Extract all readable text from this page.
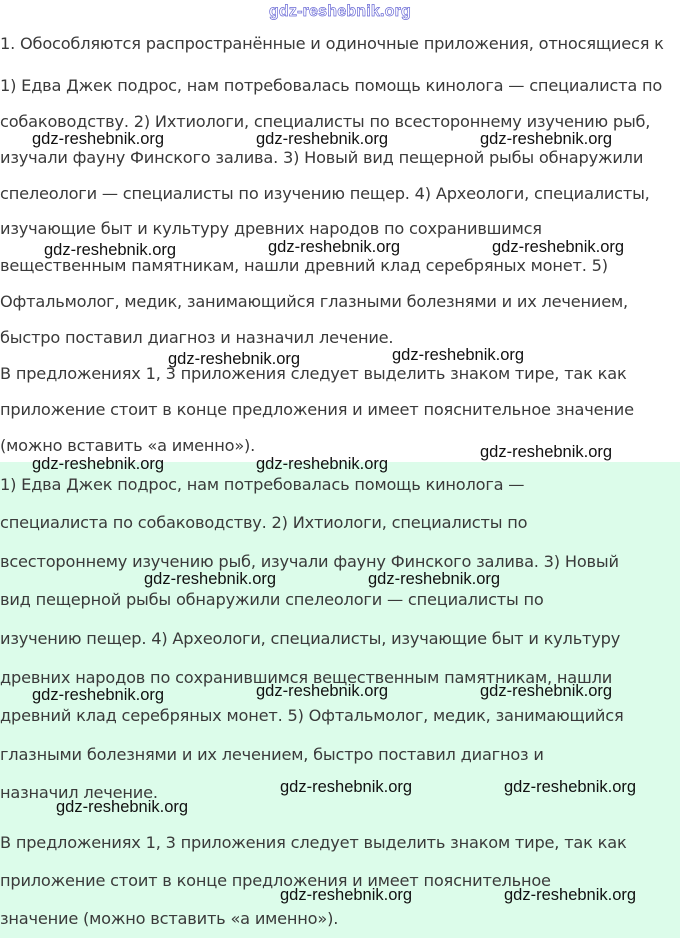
gdz-reshebnik.org
1. Обособляются распространённые и одиночные приложения, относящиеся к
1) Едва Джек подрос, нам потребовалась помощь кинолога — специалиста по
собаководству. 2) Ихтиологи, специалисты по всестороннему изучению рыб,
изучали фауну Финского залива. 3) Новый вид пещерной рыбы обнаружили
спелеологи — специалисты по изучению пещер. 4) Археологи, специалисты,
изучающие быт и культуру древних народов по сохранившимся
вещественным памятникам, нашли древний клад серебряных монет. 5)
Офтальмолог, медик, занимающийся глазными болезнями и их лечением,
быстро поставил диагноз и назначил лечение.
В предложениях 1, 3 приложения следует выделить знаком тире, так как
приложение стоит в конце предложения и имеет пояснительное значение
(можно вставить «а именно»).
1) Едва Джек подрос, нам потребовалась помощь кинолога —
специалиста по собаководству. 2) Ихтиологи, специалисты по
всестороннему изучению рыб, изучали фауну Финского залива. 3) Новый
вид пещерной рыбы обнаружили спелеологи — специалисты по
изучению пещер. 4) Археологи, специалисты, изучающие быт и культуру
древних народов по сохранившимся вещественным памятникам, нашли
древний клад серебряных монет. 5) Офтальмолог, медик, занимающийся
глазными болезнями и их лечением, быстро поставил диагноз и
назначил лечение.
В предложениях 1, 3 приложения следует выделить знаком тире, так как
приложение стоит в конце предложения и имеет пояснительное
значение (можно вставить «а именно»).
gdz-reshebnik.org	gdz-reshebnik.org	gdz-reshebnik.org
gdz-reshebnik.org	gdz-reshebnik.org	gdz-reshebnik.org
gdz-reshebnik.org	gdz-reshebnik.org
gdz-reshebnik.org
gdz-reshebnik.org	gdz-reshebnik.org
gdz-reshebnik.org	gdz-reshebnik.org
gdz-reshebnik.org	gdz-reshebnik.org	gdz-reshebnik.org
gdz-reshebnik.org	gdz-reshebnik.org
gdz-reshebnik.org
gdz-reshebnik.org	gdz-reshebnik.org
